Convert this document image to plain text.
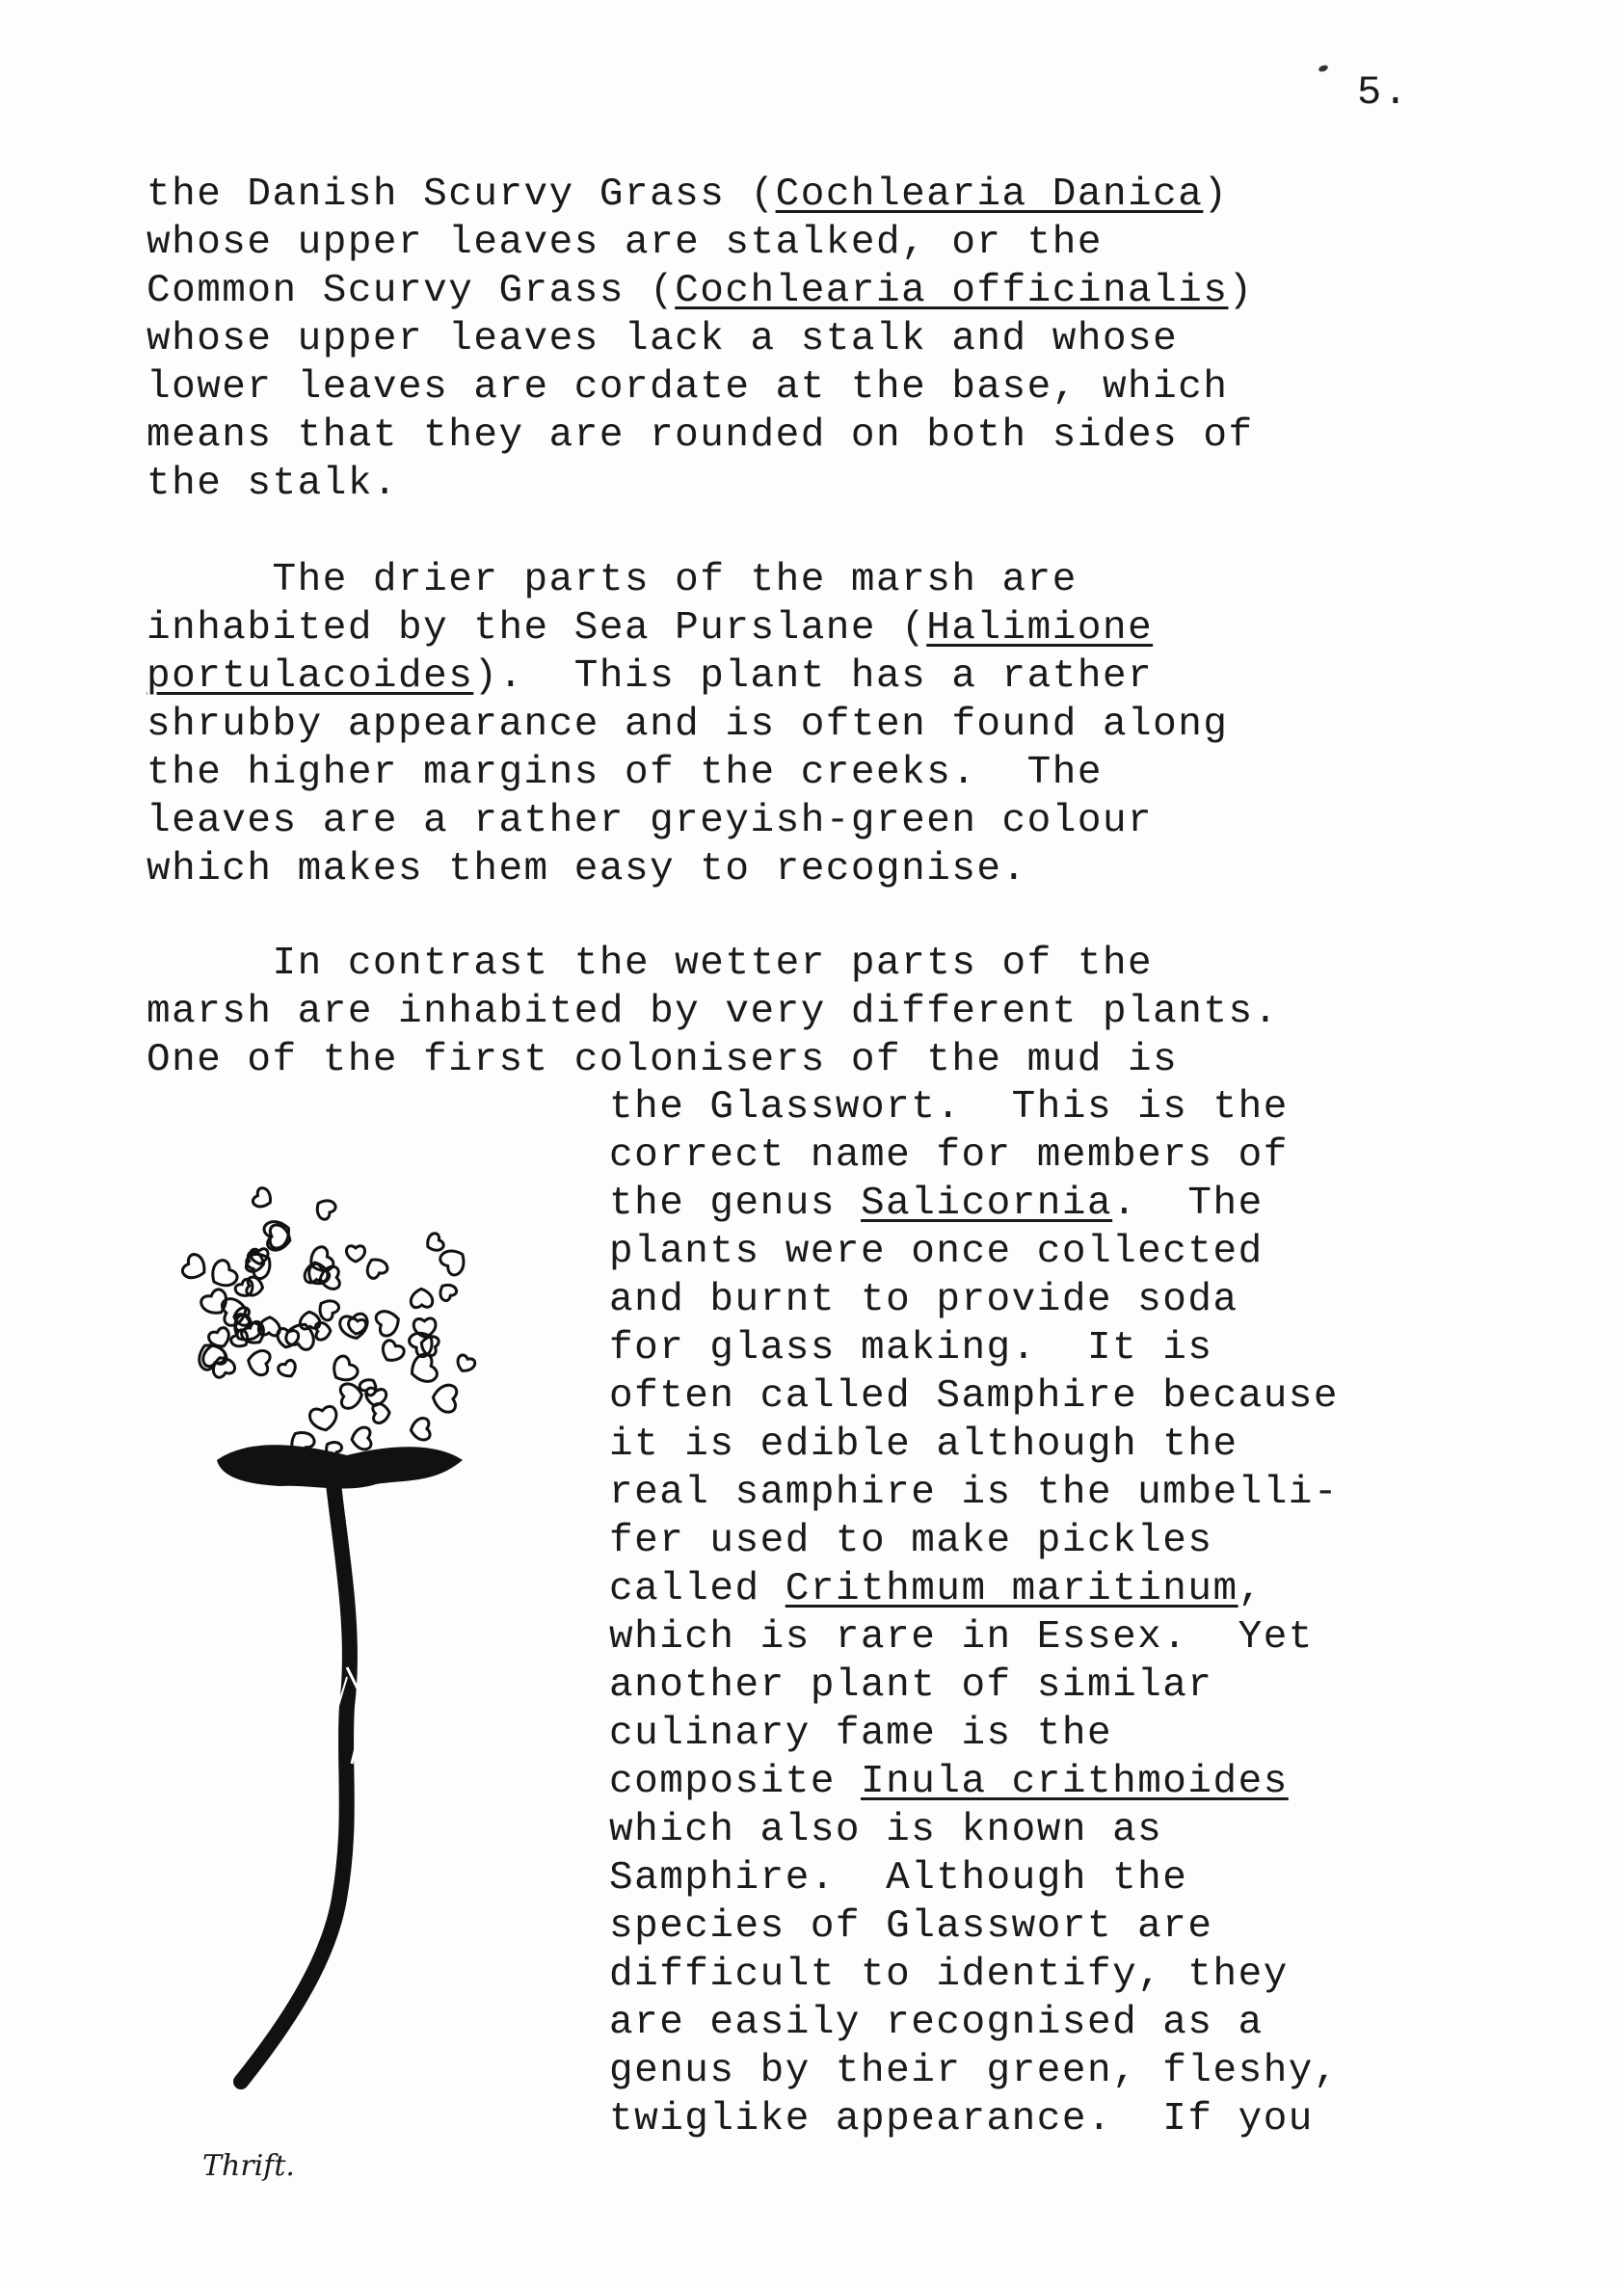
5.
the Danish Scurvy Grass (Cochlearia Danica)
whose upper leaves are stalked, or the
Common Scurvy Grass (Cochlearia officinalis)
whose upper leaves lack a stalk and whose
lower leaves are cordate at the base, which
means that they are rounded on both sides of
the stalk.
The drier parts of the marsh are
inhabited by the Sea Purslane (Halimione
portulacoides).  This plant has a rather
shrubby appearance and is often found along
the higher margins of the creeks.  The
leaves are a rather greyish-green colour
which makes them easy to recognise.
In contrast the wetter parts of the
marsh are inhabited by very different plants.
One of the first colonisers of the mud is
the Glasswort.  This is the
correct name for members of
the genus Salicornia.  The
plants were once collected
and burnt to provide soda
for glass making.  It is
often called Samphire because
it is edible although the
real samphire is the umbelli-
fer used to make pickles
called Crithmum maritinum,
which is rare in Essex.  Yet
another plant of similar
culinary fame is the
composite Inula crithmoides
which also is known as
Samphire.  Although the
species of Glasswort are
difficult to identify, they
are easily recognised as a
genus by their green, fleshy,
twiglike appearance.  If you
Thrift.
